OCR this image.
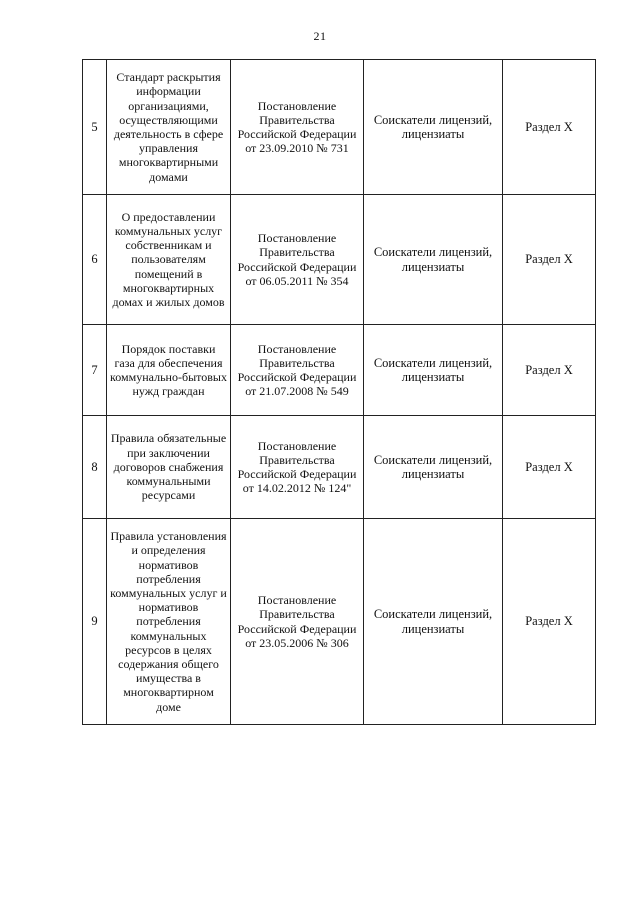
21
5	Стандарт раскрытия информации организациями, осуществляющими деятельность в сфере управления многоквартирными домами	Постановление Правительства Российской Федерации от 23.09.2010 № 731	Соискатели лицензий, лицензиаты	Раздел X
6	О предоставлении коммунальных услуг собственникам и пользователям помещений в многоквартирных домах и жилых домов	Постановление Правительства Российской Федерации от 06.05.2011 № 354	Соискатели лицензий, лицензиаты	Раздел X
7	Порядок поставки газа для обеспечения коммунально-бытовых нужд граждан	Постановление Правительства Российской Федерации от 21.07.2008 № 549	Соискатели лицензий, лицензиаты	Раздел X
8	Правила обязательные при заключении договоров снабжения коммунальными ресурсами	Постановление Правительства Российской Федерации от 14.02.2012 № 124"	Соискатели лицензий, лицензиаты	Раздел X
9	Правила установления и определения нормативов потребления коммунальных услуг и нормативов потребления коммунальных ресурсов в целях содержания общего имущества в многоквартирном доме	Постановление Правительства Российской Федерации от 23.05.2006 № 306	Соискатели лицензий, лицензиаты	Раздел X
